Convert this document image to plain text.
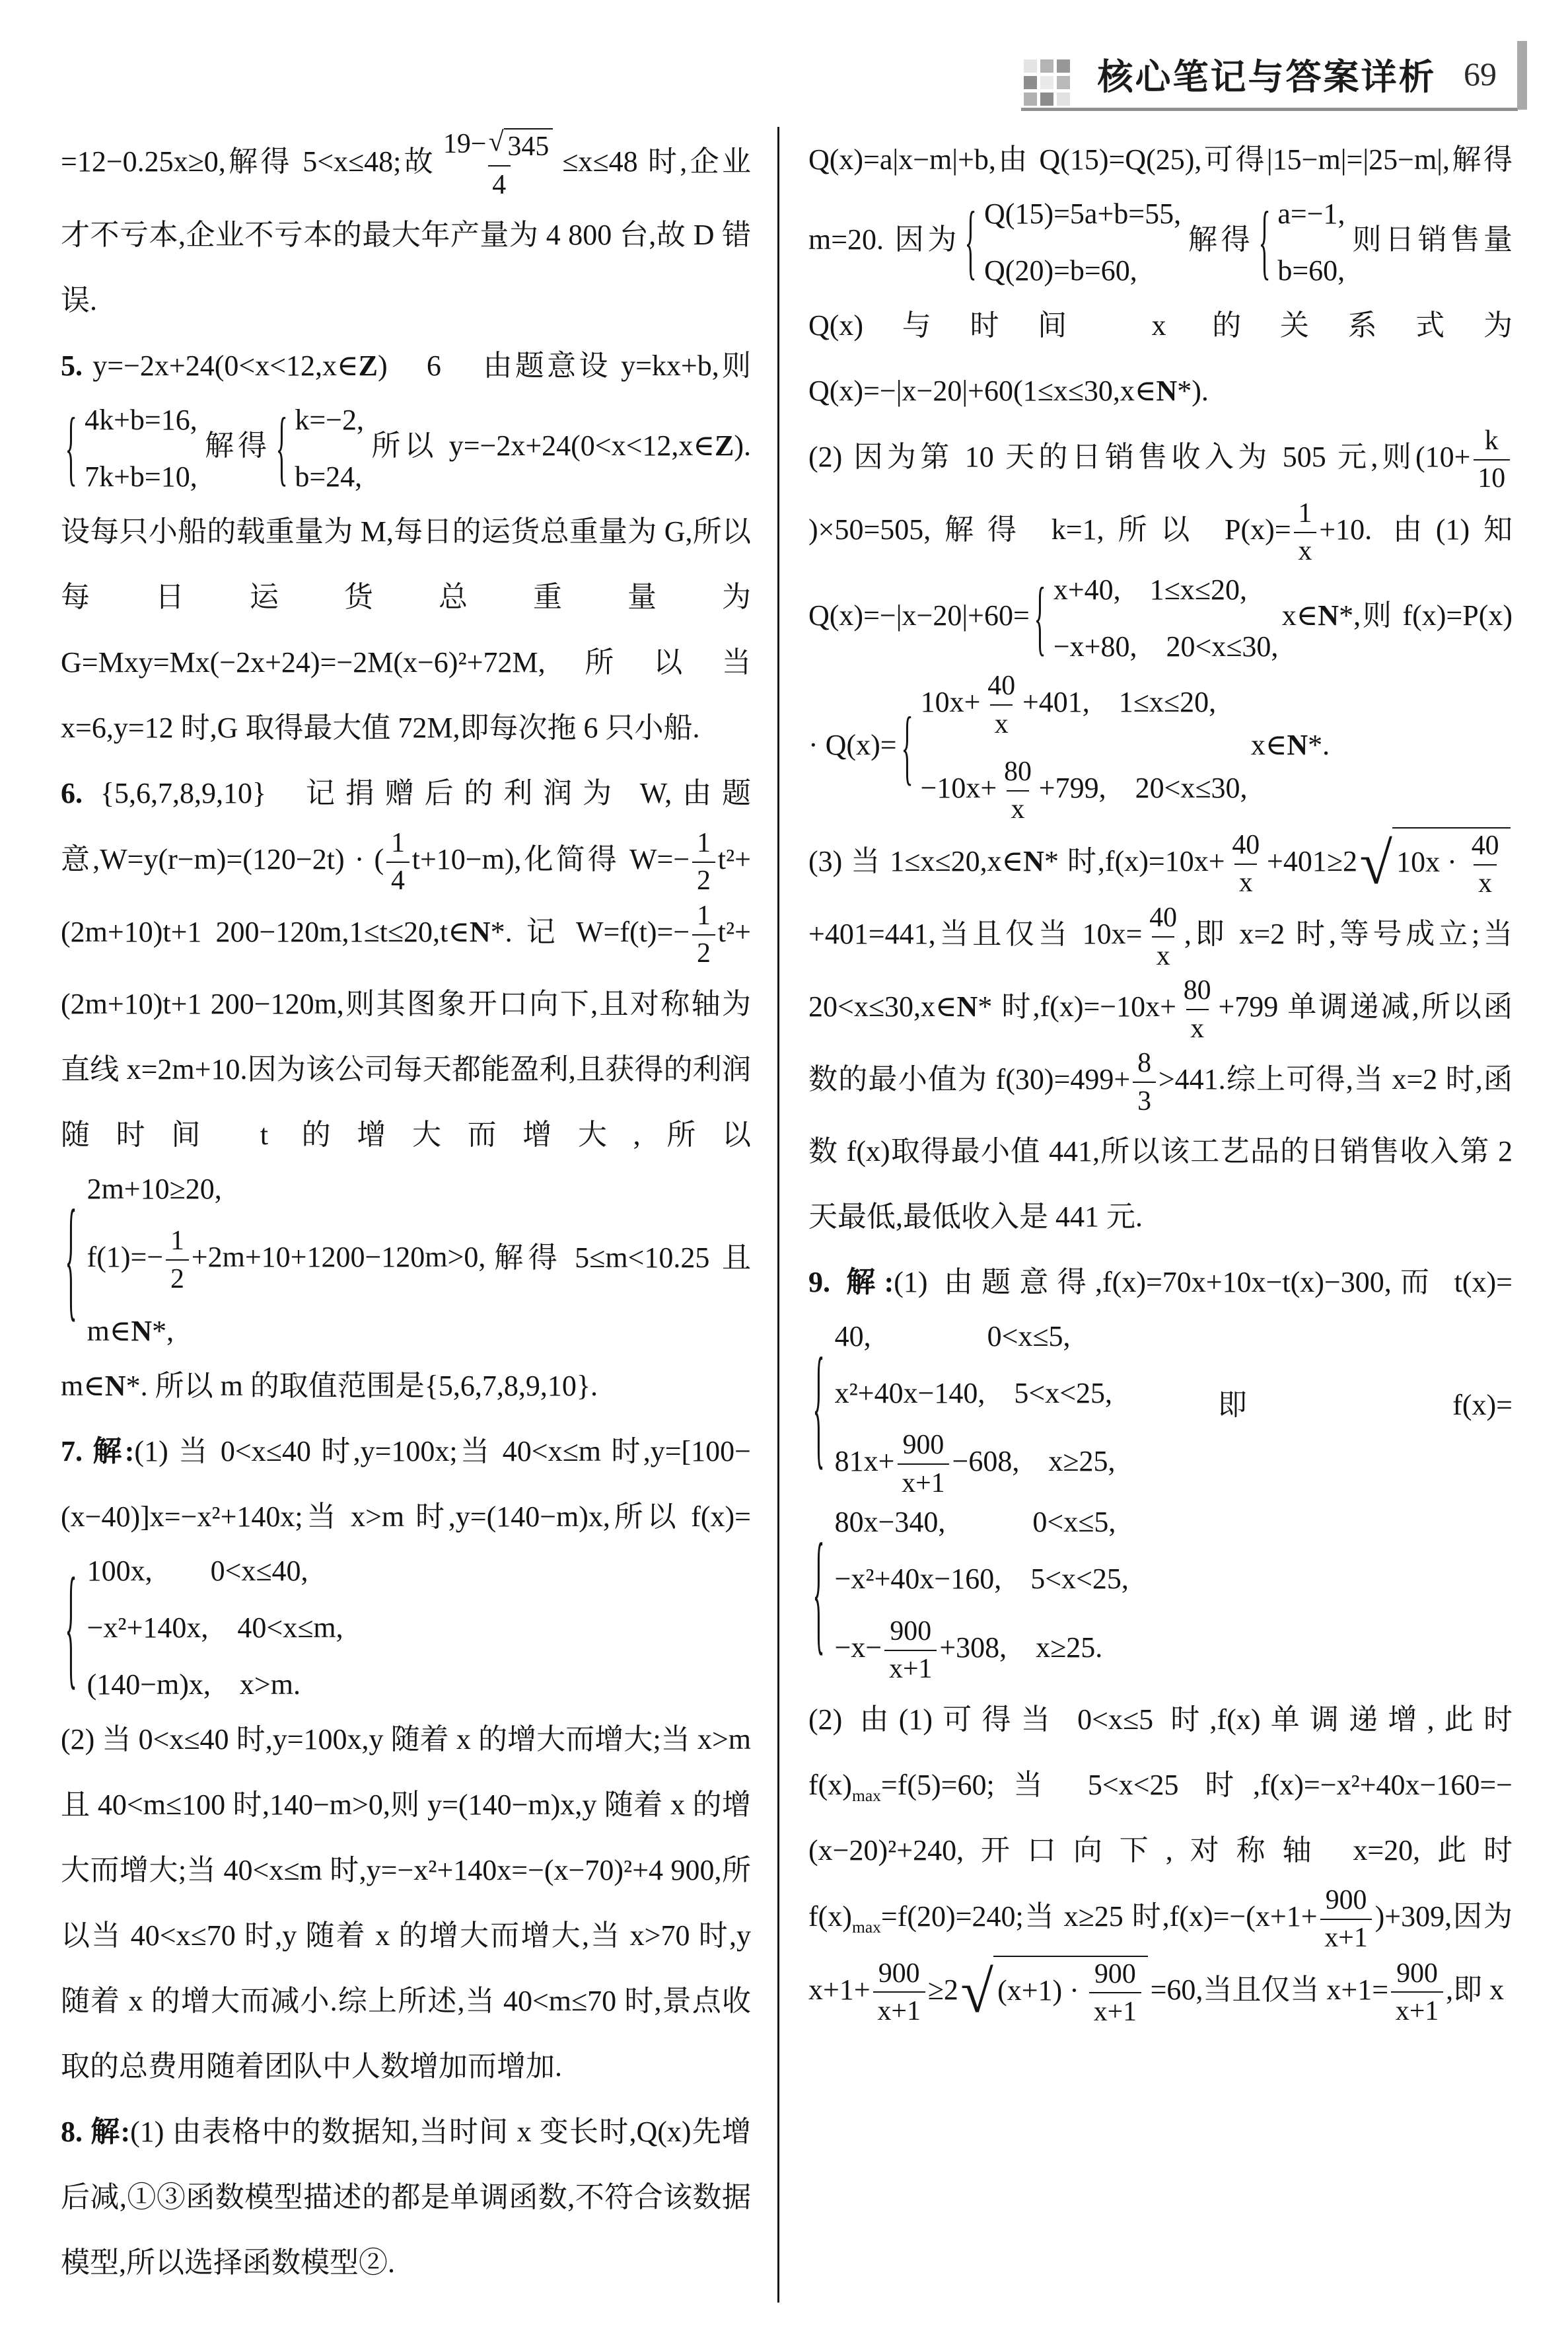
核心笔记与答案详析 69

=12−0.25x≥0,解得 5<x≤48;故 $\frac{19- √ 345}{4} \le x\le 48$ 时,企业才不亏本,企业不亏本的最大年产量为 4 800 台,故 D 错误.

5. y=−2x+24(0<x<12,x∈Z)  6  由题意设 y=kx+b,则
{ 4k+b=16,
7k+b=10,
解得 { k=−2,
b=24,
所以 y=−2x+24(0<x<12,x∈Z).设每只小船的载重量为 M,每日的运货总重量为 G,所以每日运货总重量为 G=Mxy=Mx(−2x+24)=−2M(x−6)²+72M,所以当 x=6,y=12 时,G 取得最大值 72M,即每次拖 6 只小船.

6. {5,6,7,8,9,10} 记捐赠后的利润为 W,由题意,W=y(r−m)=(120−2t) · ( $\frac{1}{4} t+10-m$),化简得 $W=- \frac{1}{2} t^2+(2m+10)t+1$ 200−120m,1≤t≤20,t∈N*. 记 $W=f(t)=- \frac{1}{2} t^2+(2m+10)t+1$ 200−120m,则其图象开口向下,且对称轴为直线 x=2m+10.因为该公司每天都能盈利,且获得的利润随时间 t 的增大而增大,所以
{ 2m+10≥20,
$f(1)=- \frac{1}{2} +2m+10+1200-120m>0$,
m∈N*,
解得 5≤m<10.25 且 m∈N*. 所以 m 的取值范围是{5,6,7,8,9,10}.

7. 解:(1) 当 0<x≤40 时,y=100x;当 40<x≤m 时,y=[100−(x−40)]x=−x²+140x;当 x>m 时,y=(140−m)x,所以 f(x)=
{ 100x,  0<x≤40,
−x²+140x, 40<x≤m,
(140−m)x, x>m.

(2) 当 0<x≤40 时,y=100x,y 随着 x 的增大而增大;当 x>m 且 40<m≤100 时,140−m>0,则 y=(140−m)x,y 随着 x 的增大而增大;当 40<x≤m 时,y=−x²+140x=−(x−70)²+4 900,所以当 40<x≤70 时,y 随着 x 的增大而增大,当 x>70 时,y 随着 x 的增大而减小.综上所述,当 40<m≤70 时,景点收取的总费用随着团队中人数增加而增加.

8. 解:(1) 由表格中的数据知,当时间 x 变长时,Q(x)先增后减,①③函数模型描述的都是单调函数,不符合该数据模型,所以选择函数模型②.

Q(x)=a|x−m|+b,由 Q(15)=Q(25),可得|15−m|=|25−m|,解得 m=20. 因为 { Q(15)=5a+b=55,
Q(20)=b=60,
解得 { a=−1,
b=60,
则日销售量Q(x)与时间 x 的关系式为Q(x)=−|x−20|+60(1≤x≤30,x∈N*).

(2) 因为第 10 天的日销售收入为 505 元,则($10+ \frac{k}{10}$
)×50=505,解得 k=1,所以 $P(x)= \frac{1}{x} +10$. 由(1)知 Q(x)=−|x−20|+60= { x+40, 1≤x≤20,
−x+80, 20<x≤30,
x∈N*,则 f(x)=P(x) · Q(x)= { $10x+ \frac{40}{x} +401$, 1≤x≤20,
$-10x+ \frac{80}{x} +799$, 20<x≤30,
x∈N*.

(3) 当 1≤x≤20,x∈N* 时$,f(x)=10x+ \frac{40}{x} +401\ge 2$ √ $10x \cdot \frac{40}{x}$
+401=441,当且仅当 $10x= \frac{40}{x}$ ,即 x=2 时,等号成立;当 20<x≤30,x∈N* 时$,f(x)=-10x+ \frac{80}{x} +799$ 单调递减,所以函数的最小值为 $f(30)=499+ \frac{8}{3} >441$.综上可得,当 x=2 时,函数 f(x)取得最小值 441,所以该工艺品的日销售收入第 2 天最低,最低收入是 441 元.

9. 解:(1) 由题意得,f(x)=70x+10x−t(x)−300,而 t(x)=
{ 40,    0<x≤5,
x²+40x−140, 5<x<25,
$81x+ \frac{900}{x+1} -608$, x≥25,
即 f(x)=
{ 80x−340,   0<x≤5,
−x²+40x−160, 5<x<25,
$-x- \frac{900}{x+1} +308$, x≥25.

(2) 由(1)可得当 0<x≤5 时,f(x)单调递增,此时 $f(x)_{max}=f(5)=60$;当 5<x<25 时,f(x)=−x²+40x−160=−(x−20)²+240,开口向下,对称轴 x=20,此时 $f(x)_{max}=f(20)=240$;当 x≥25 时$,f(x)=-(x+1+ \frac{900}{x+1} )+309$,因为 $x+1+ \frac{900}{x+1} \ge 2$ √ $(x+1) \cdot \frac{900}{x+1} =60$,当且仅当 $x+1= \frac{900}{x+1}$ ,即 x
